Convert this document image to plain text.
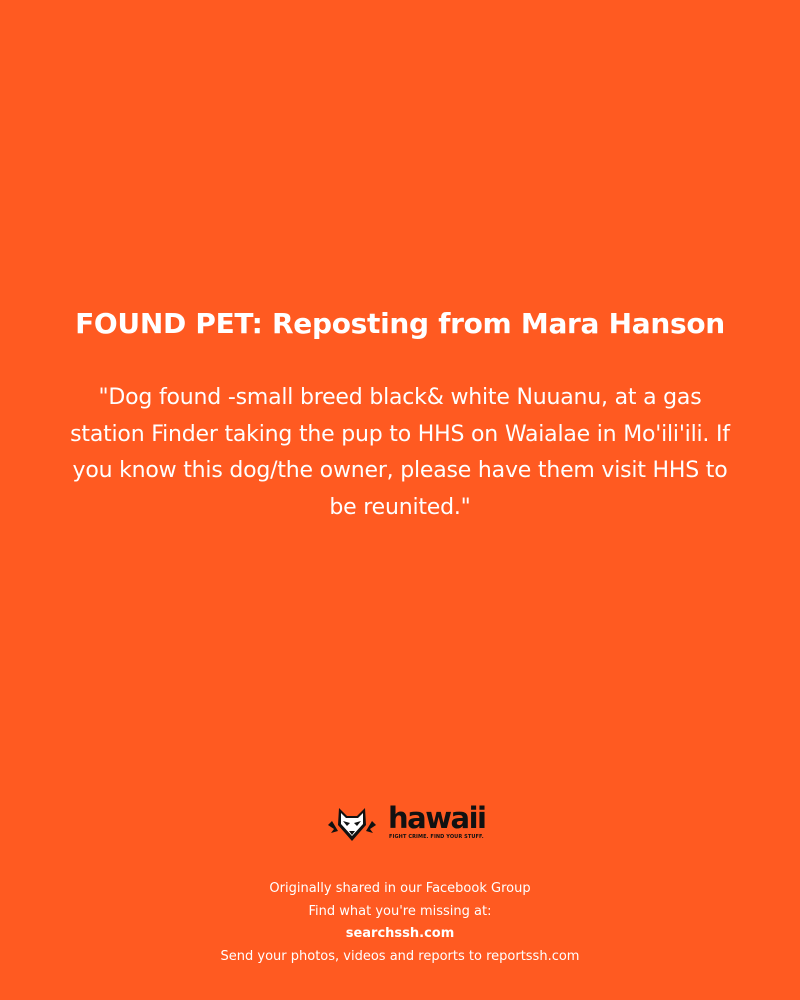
FOUND PET: Reposting from Mara Hanson

"Dog found -small breed black& white Nuuanu, at a gas station Finder taking the pup to HHS on Waialae in Mo'ili'ili. If you know this dog/the owner, please have them visit HHS to be reunited."

hawaii
FIGHT CRIME. FIND YOUR STUFF.
Originally shared in our Facebook Group
Find what you're missing at:
searchssh.com
Send your photos, videos and reports to reportssh.com
